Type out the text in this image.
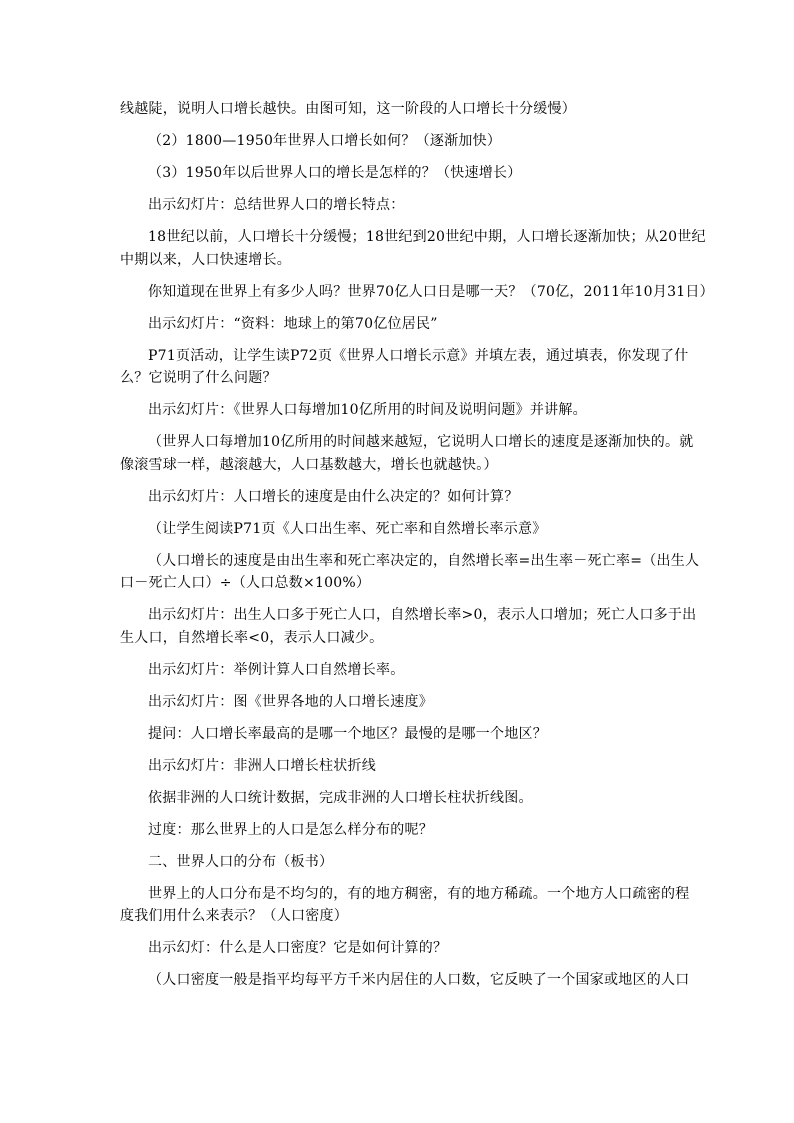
线越陡，说明人口增长越快。由图可知，这一阶段的人口增长十分缓慢）

（2）1800—1950年世界人口增长如何？（逐渐加快）

（3）1950年以后世界人口的增长是怎样的？（快速增长）

出示幻灯片：总结世界人口的增长特点：

18世纪以前，人口增长十分缓慢；18世纪到20世纪中期，人口增长逐渐加快；从20世纪

中期以来，人口快速增长。

你知道现在世界上有多少人吗？世界70亿人口日是哪一天？（70亿，2011年10月31日）

出示幻灯片：“资料：地球上的第70亿位居民”

P71页活动，让学生读P72页《世界人口增长示意》并填左表，通过填表，你发现了什

么？它说明了什么问题？

出示幻灯片：《世界人口每增加10亿所用的时间及说明问题》并讲解。

（世界人口每增加10亿所用的时间越来越短，它说明人口增长的速度是逐渐加快的。就

像滚雪球一样，越滚越大，人口基数越大，增长也就越快。）

出示幻灯片：人口增长的速度是由什么决定的？如何计算？

（让学生阅读P71页《人口出生率、死亡率和自然增长率示意》

（人口增长的速度是由出生率和死亡率决定的，自然增长率=出生率－死亡率=（出生人

口－死亡人口）÷（人口总数×100%）

出示幻灯片：出生人口多于死亡人口，自然增长率>0，表示人口增加；死亡人口多于出

生人口，自然增长率<0，表示人口减少。

出示幻灯片：举例计算人口自然增长率。

出示幻灯片：图《世界各地的人口增长速度》

提问：人口增长率最高的是哪一个地区？最慢的是哪一个地区？

出示幻灯片：非洲人口增长柱状折线

依据非洲的人口统计数据，完成非洲的人口增长柱状折线图。

过度：那么世界上的人口是怎么样分布的呢？

二、世界人口的分布（板书）

世界上的人口分布是不均匀的，有的地方稠密，有的地方稀疏。一个地方人口疏密的程

度我们用什么来表示？（人口密度）

出示幻灯：什么是人口密度？它是如何计算的？

（人口密度一般是指平均每平方千米内居住的人口数，它反映了一个国家或地区的人口
